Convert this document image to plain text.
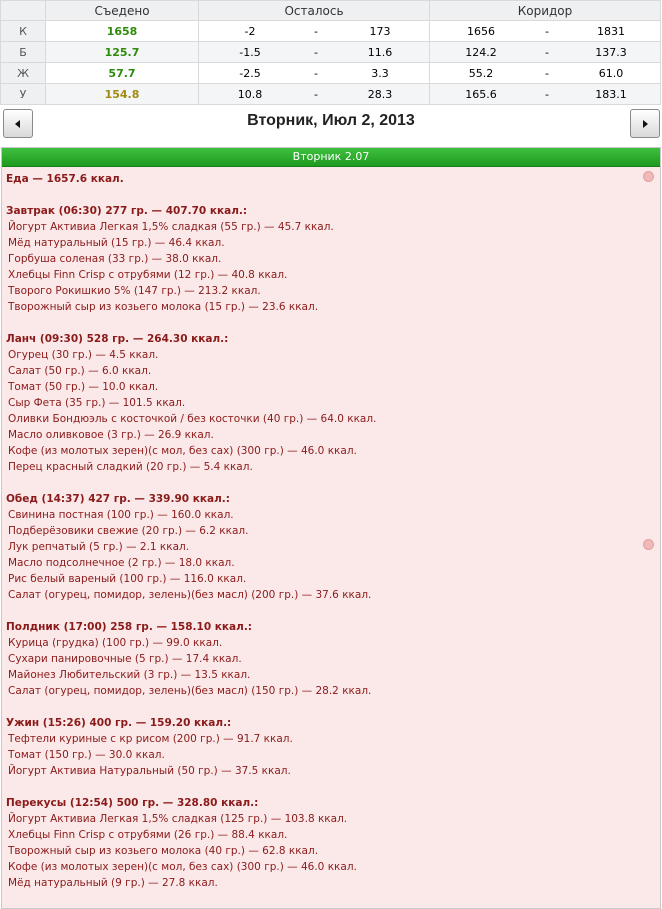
	Съедено	Осталось	Коридор
К	1658	-2 - 173	1656 - 1831

Б	125.7	-1.5 - 11.6	124.2 - 137.3

Ж	57.7	-2.5 - 3.3	55.2 - 61.0

У	154.8	10.8 - 28.3	165.6 - 183.1
Вторник, Июл 2, 2013
Вторник 2.07
Еда — 1657.6 ккал.
Завтрак (06:30) 277 гр. — 407.70 ккал.:
Йогурт Активиа Легкая 1,5% сладкая (55 гр.) — 45.7 ккал.
Мёд натуральный (15 гр.) — 46.4 ккал.
Горбуша соленая (33 гр.) — 38.0 ккал.
Хлебцы Finn Crisp с отрубями (12 гр.) — 40.8 ккал.
Творого Рокишкио 5% (147 гр.) — 213.2 ккал.
Творожный сыр из козьего молока (15 гр.) — 23.6 ккал.
Ланч (09:30) 528 гр. — 264.30 ккал.:
Огурец (30 гр.) — 4.5 ккал.
Салат (50 гр.) — 6.0 ккал.
Томат (50 гр.) — 10.0 ккал.
Сыр Фета (35 гр.) — 101.5 ккал.
Оливки Бондюэль с косточкой / без косточки (40 гр.) — 64.0 ккал.
Масло оливковое (3 гр.) — 26.9 ккал.
Кофе (из молотых зерен)(с мол, без сах) (300 гр.) — 46.0 ккал.
Перец красный сладкий (20 гр.) — 5.4 ккал.
Обед (14:37) 427 гр. — 339.90 ккал.:
Свинина постная (100 гр.) — 160.0 ккал.
Подберёзовики свежие (20 гр.) — 6.2 ккал.
Лук репчатый (5 гр.) — 2.1 ккал.
Масло подсолнечное (2 гр.) — 18.0 ккал.
Рис белый вареный (100 гр.) — 116.0 ккал.
Салат (огурец, помидор, зелень)(без масл) (200 гр.) — 37.6 ккал.
Полдник (17:00) 258 гр. — 158.10 ккал.:
Курица (грудка) (100 гр.) — 99.0 ккал.
Сухари панировочные (5 гр.) — 17.4 ккал.
Майонез Любительский (3 гр.) — 13.5 ккал.
Салат (огурец, помидор, зелень)(без масл) (150 гр.) — 28.2 ккал.
Ужин (15:26) 400 гр. — 159.20 ккал.:
Тефтели куриные с кр рисом (200 гр.) — 91.7 ккал.
Томат (150 гр.) — 30.0 ккал.
Йогурт Активиа Натуральный (50 гр.) — 37.5 ккал.
Перекусы (12:54) 500 гр. — 328.80 ккал.:
Йогурт Активиа Легкая 1,5% сладкая (125 гр.) — 103.8 ккал.
Хлебцы Finn Crisp с отрубями (26 гр.) — 88.4 ккал.
Творожный сыр из козьего молока (40 гр.) — 62.8 ккал.
Кофе (из молотых зерен)(с мол, без сах) (300 гр.) — 46.0 ккал.
Мёд натуральный (9 гр.) — 27.8 ккал.
